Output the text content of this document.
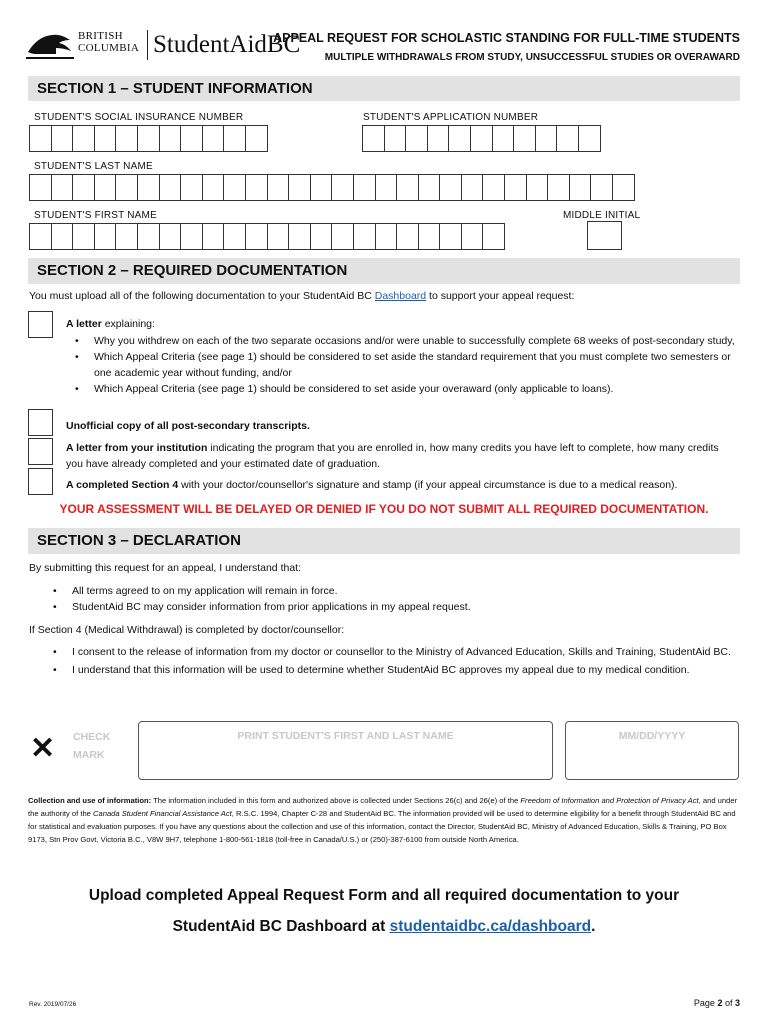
BRITISH
COLUMBIA StudentAidBC
APPEAL REQUEST FOR SCHOLASTIC STANDING FOR FULL-TIME STUDENTS
MULTIPLE WITHDRAWALS FROM STUDY, UNSUCCESSFUL STUDIES OR OVERAWARD
SECTION 1 – STUDENT INFORMATION
STUDENT'S SOCIAL INSURANCE NUMBER	STUDENT'S APPLICATION NUMBER
STUDENT'S LAST NAME
STUDENT'S FIRST NAME	MIDDLE INITIAL
SECTION 2 – REQUIRED DOCUMENTATION
You must upload all of the following documentation to your StudentAid BC Dashboard to support your appeal request:
A letter explaining:
• Why you withdrew on each of the two separate occasions and/or were unable to successfully complete 68 weeks of post-secondary study,
• Which Appeal Criteria (see page 1) should be considered to set aside the standard requirement that you must complete two semesters or one academic year without funding, and/or
• Which Appeal Criteria (see page 1) should be considered to set aside your overaward (only applicable to loans).
Unofficial copy of all post-secondary transcripts.
A letter from your institution indicating the program that you are enrolled in, how many credits you have left to complete, how many credits you have already completed and your estimated date of graduation.
A completed Section 4 with your doctor/counsellor's signature and stamp (if your appeal circumstance is due to a medical reason).
YOUR ASSESSMENT WILL BE DELAYED OR DENIED IF YOU DO NOT SUBMIT ALL REQUIRED DOCUMENTATION.
SECTION 3 – DECLARATION
By submitting this request for an appeal, I understand that:
• All terms agreed to on my application will remain in force.
• StudentAid BC may consider information from prior applications in my appeal request.
If Section 4 (Medical Withdrawal) is completed by doctor/counsellor:
• I consent to the release of information from my doctor or counsellor to the Ministry of Advanced Education, Skills and Training, StudentAid BC.
• I understand that this information will be used to determine whether StudentAid BC approves my appeal due to my medical condition.
✕ CHECK
MARK
PRINT STUDENT'S FIRST AND LAST NAME	MM/DD/YYYY
Collection and use of information: The information included in this form and authorized above is collected under Sections 26(c) and 26(e) of the Freedom of Information and Protection of Privacy Act, and under the authority of the Canada Student Financial Assistance Act, R.S.C. 1994, Chapter C-28 and StudentAid BC. The information provided will be used to determine eligibility for a benefit through StudentAid BC and for statistical and evaluation purposes. If you have any questions about the collection and use of this information, contact the Director, StudentAid BC, Ministry of Advanced Education, Skills & Training, PO Box 9173, Stn Prov Govt, Victoria B.C., V8W 9H7, telephone 1-800-561-1818 (toll-free in Canada/U.S.) or (250)-387-6100 from outside North America.
Upload completed Appeal Request Form and all required documentation to your
StudentAid BC Dashboard at studentaidbc.ca/dashboard.
Rev. 2019/07/26	Page 2 of 3
